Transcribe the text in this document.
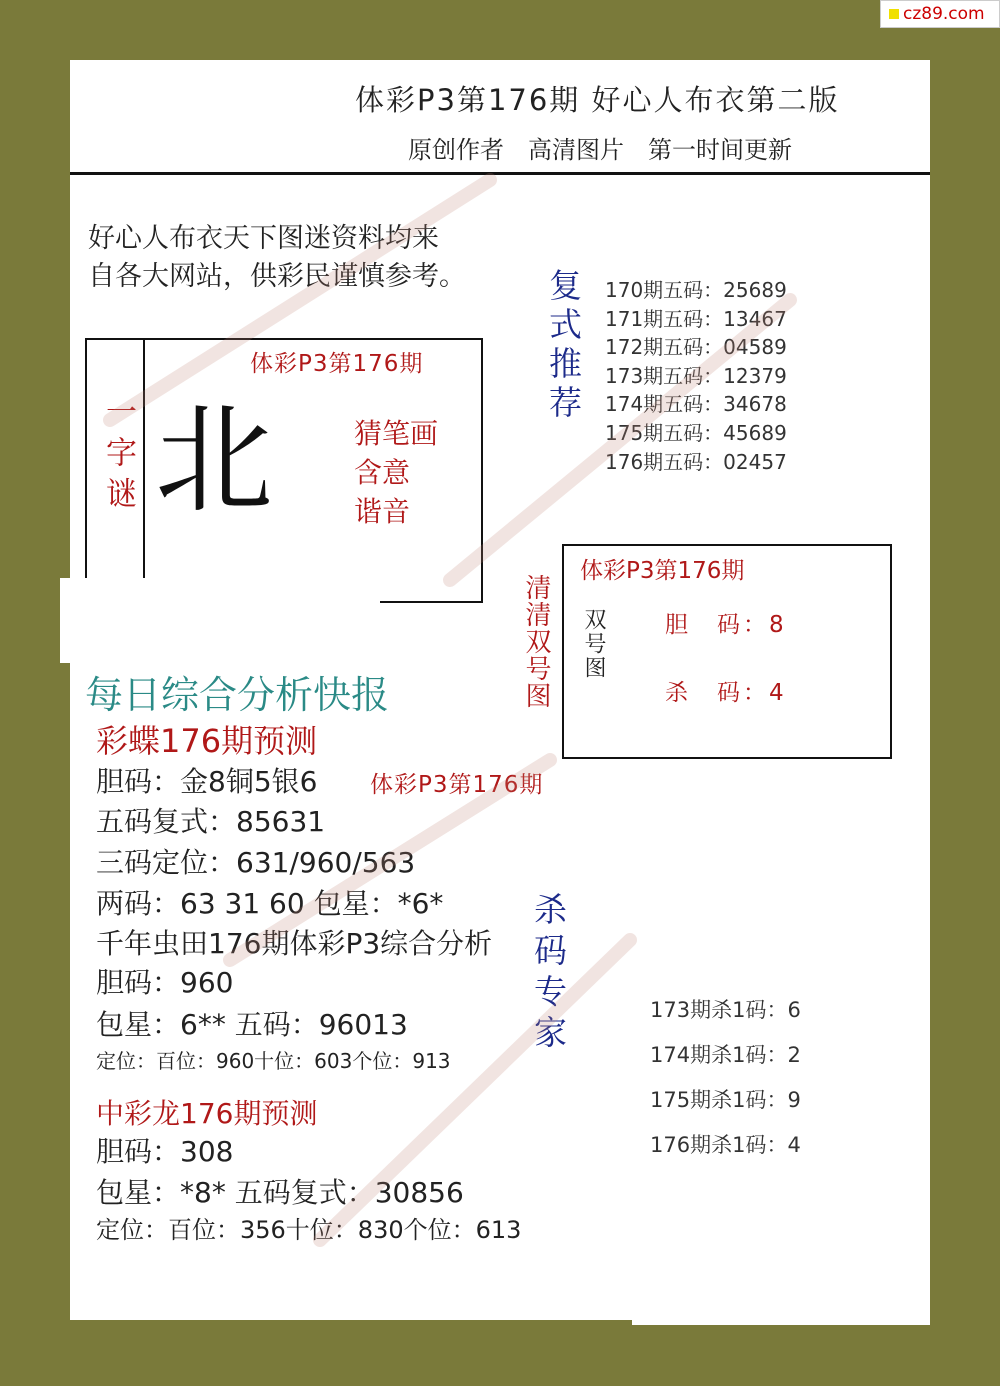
cz89.com
体彩P3第176期 好心人布衣第二版
原创作者　高清图片　第一时间更新
好心人布衣天下图迷资料均来
自各大网站，供彩民谨慎参考。
体彩P3第176期
一字谜 北	猜笔画
含意
谐音
复式推荐 170期五码：25689
171期五码：13467
172期五码：04589
173期五码：12379
174期五码：34678
175期五码：45689
176期五码：02457
清清双号图
体彩P3第176期
双号图	胆　码：8
杀　码：4
每日综合分析快报
彩蝶176期预测
体彩P3第176期
胆码：金8铜5银6
五码复式：85631
三码定位：631/960/563
两码：63 31 60 包星：*6*
千年虫田176期体彩P3综合分析
胆码：960
包星：6** 五码：96013
定位：百位：960十位：603个位：913
中彩龙176期预测
胆码：308
包星：*8* 五码复式：30856
定位：百位：356十位：830个位：613
杀码专家	173期杀1码：6
174期杀1码：2
175期杀1码：9
176期杀1码：4
